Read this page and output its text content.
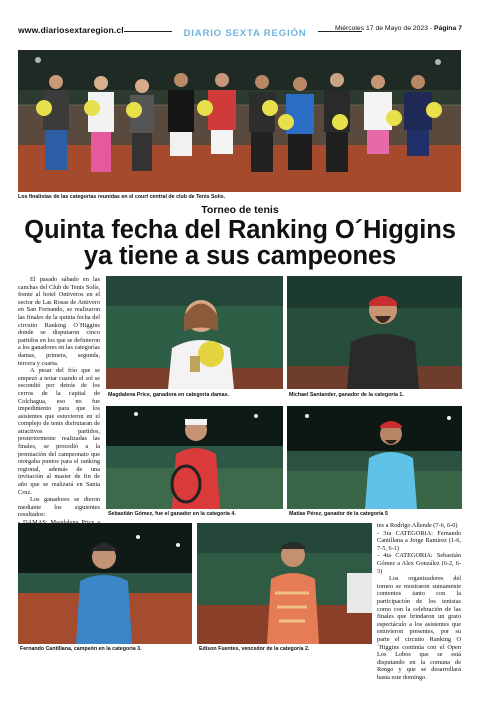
www.diariosextaregion.cl	DIARIO SEXTA REGIÓN	Miércoles 17 de Mayo de 2023 - Página 7
Los finalistas de las categorías reunidas en el court central de club de Tenis Solís.
Torneo de tenis
Quinta fecha del Ranking O´Higgins
ya tiene a sus campeones

El pasado sábado en las canchas del Club de Tenis Solís, frente al hotel Ontiveros en el sector de Las Rosas de Antivero en San Fernando, se realizaron las finales de la quinta fecha del circuito Ranking O´Higgins donde se disputaron cinco partidos en los que se definieron a los ganadores en las categorías damas, primera, segunda, tercera y cuarta.

A pesar del frío que se empezó a notar cuando el sol se escondió por detrás de los cerros de la capital de Colchagua, eso no fue impedimento para que los asistentes que estuvieron en el complejo de tenis disfrutaran de atractivos partidos, posteriormente realizadas las finales, se procedió a la premiación del campeonato que otorgaba puntos para el ranking regional, además de una invitación al master de fin de año que se realizará en Santa Cruz.

Los ganadores se dieron mediante los siguientes resultados:

Magdalena Price, ganadora en categoría damas.	Michael Santander, ganador de la categoría 1.
Sebastián Gómez, fue el ganador en la categoría 4.	Matías Pérez, ganador de la categoría 5
Fernando Cantillana, campeón en la categoría 3.	Edison Fuentes, vencedor de la categoría 2.

tes a Rodrigo Allende (7-6, 6-0)

- 3ra CATEGORIA: Fernando Cantillana a Jorge Ramírez (1-6, 7-5, 6-1)

- 4ta CATEGORIA: Sebastián Gómez a Alex González (6-2, 6-3)

Los organizadores del torneo se mostraron sumamente contentos tanto con la participación de los tenistas como con la celebración de las finales que brindaron un grato espectáculo a los asistentes que estuvieron presentes, por su parte el circuito Ranking O´Higgins continúa con el Open Los Lobos que se está disputando en la comuna de Rengo y que se desarrollará hasta este domingo.
